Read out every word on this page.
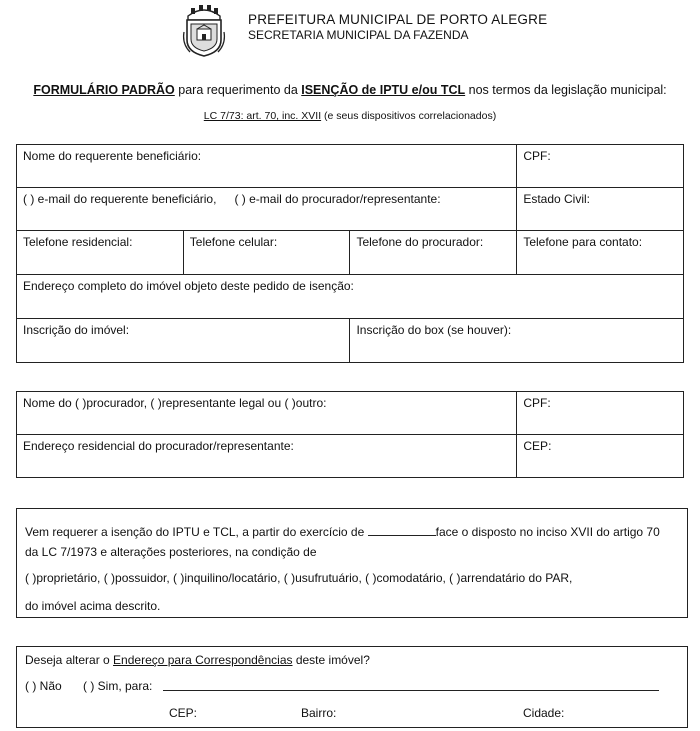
PREFEITURA MUNICIPAL DE PORTO ALEGRE
SECRETARIA MUNICIPAL DA FAZENDA
FORMULÁRIO PADRÃO para requerimento da ISENÇÃO de IPTU e/ou TCL nos termos da legislação municipal:
LC 7/73: art. 70, inc. XVII (e seus dispositivos correlacionados)
Nome do requerente beneficiário:			CPF:
( ) e-mail do requerente beneficiário, ( ) e-mail do procurador/representante:			Estado Civil:
Telefone residencial:	Telefone celular:	Telefone do procurador:	Telefone para contato:
Endereço completo do imóvel objeto deste pedido de isenção:			
Inscrição do imóvel:		Inscrição do box (se houver):	
Nome do ( )procurador, ( )representante legal ou ( )outro:	CPF:
Endereço residencial do procurador/representante:	CEP:
Vem requerer a isenção do IPTU e TCL, a partir do exercício de	face o disposto no inciso XVII do artigo 70
da LC 7/1973 e alterações posteriores, na condição de
( )proprietário, ( )possuidor, ( )inquilino/locatário, ( )usufrutuário, ( )comodatário, ( )arrendatário do PAR,
do imóvel acima descrito.
Deseja alterar o Endereço para Correspondências deste imóvel?
( ) Não ( ) Sim, para:
CEP:	Bairro:	Cidade:
